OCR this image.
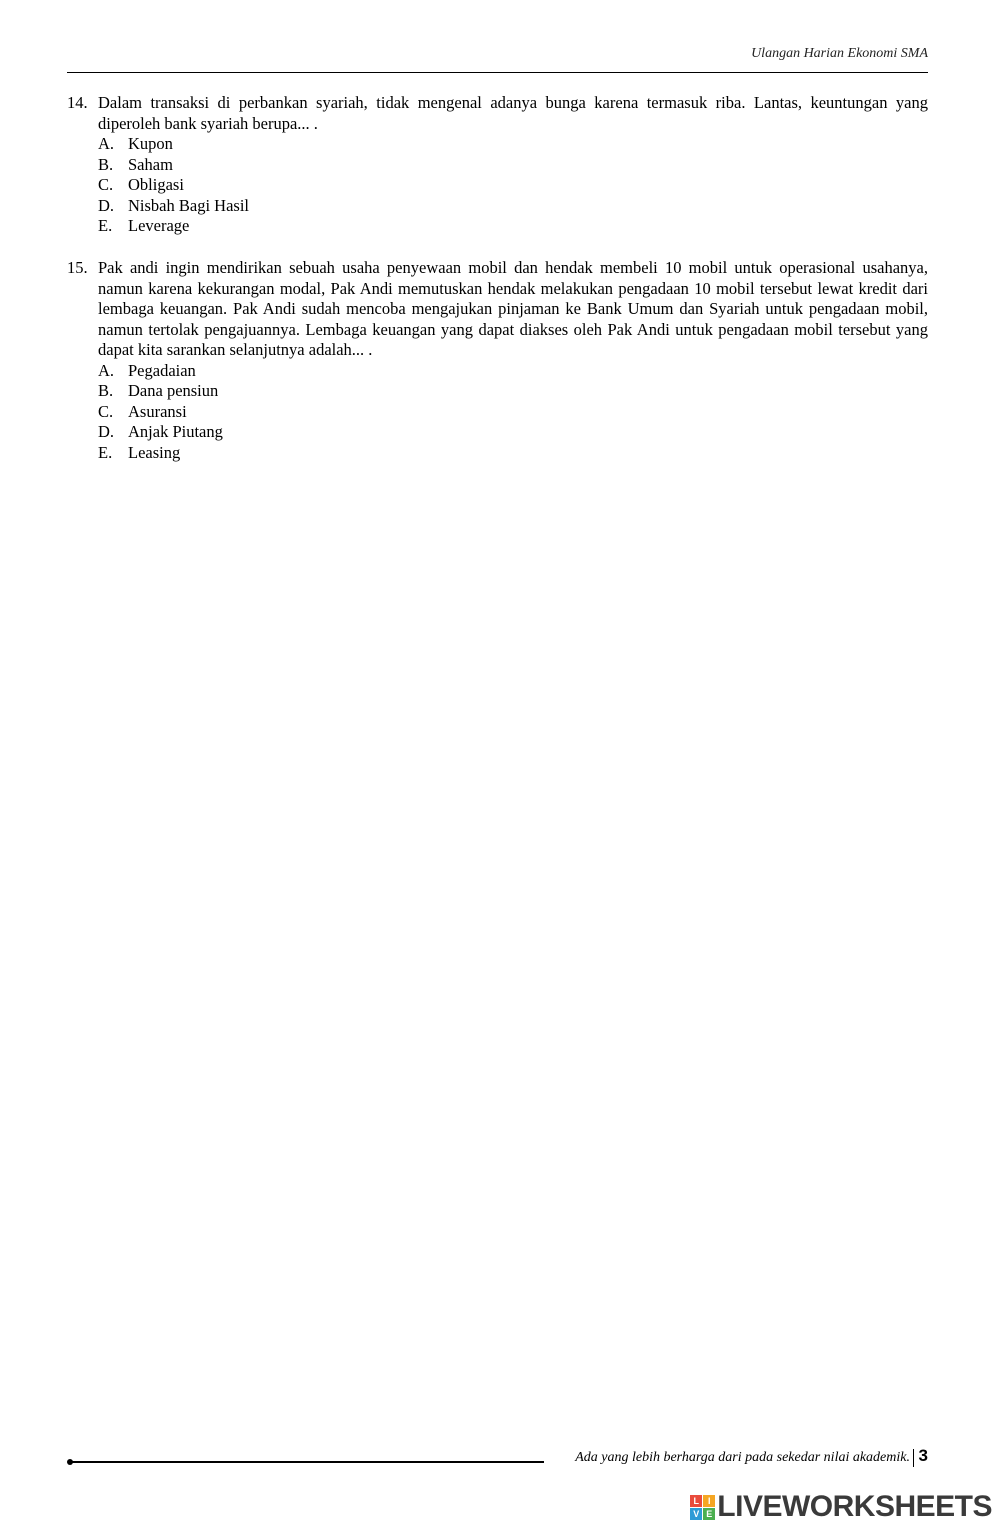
Ulangan Harian Ekonomi SMA
14. Dalam transaksi di perbankan syariah, tidak mengenal adanya bunga karena termasuk riba. Lantas, keuntungan yang diperoleh bank syariah berupa... .
A. Kupon
B. Saham
C. Obligasi
D. Nisbah Bagi Hasil
E. Leverage
15. Pak andi ingin mendirikan sebuah usaha penyewaan mobil dan hendak membeli 10 mobil untuk operasional usahanya, namun karena kekurangan modal, Pak Andi memutuskan hendak melakukan pengadaan 10 mobil tersebut lewat kredit dari lembaga keuangan. Pak Andi sudah mencoba mengajukan pinjaman ke Bank Umum dan Syariah untuk pengadaan mobil, namun tertolak pengajuannya. Lembaga keuangan yang dapat diakses oleh Pak Andi untuk pengadaan mobil tersebut yang dapat kita sarankan selanjutnya adalah... .
A. Pegadaian
B. Dana pensiun
C. Asuransi
D. Anjak Piutang
E. Leasing
Ada yang lebih berharga dari pada sekedar nilai akademik. 3
L I
V E LIVEWORKSHEETS
